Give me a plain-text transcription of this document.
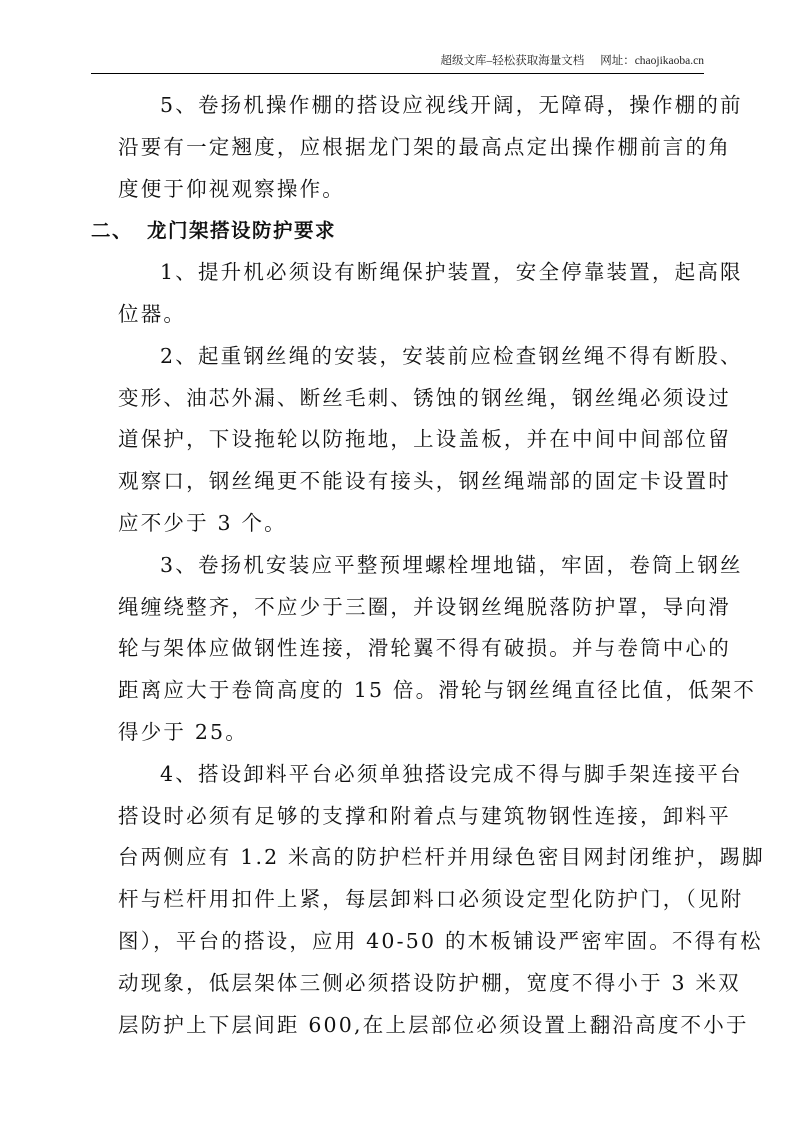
超级文库–轻松获取海量文档 网址：chaojikaoba.cn

5、卷扬机操作棚的搭设应视线开阔，无障碍，操作棚的前
沿要有一定翘度，应根据龙门架的最高点定出操作棚前言的角
度便于仰视观察操作。

二、 龙门架搭设防护要求

1、提升机必须设有断绳保护装置，安全停靠装置，起高限
位器。

2、起重钢丝绳的安装，安装前应检查钢丝绳不得有断股、
变形、油芯外漏、断丝毛刺、锈蚀的钢丝绳，钢丝绳必须设过
道保护，下设拖轮以防拖地，上设盖板，并在中间中间部位留
观察口，钢丝绳更不能设有接头，钢丝绳端部的固定卡设置时
应不少于 3 个。

3、卷扬机安装应平整预埋螺栓埋地锚，牢固，卷筒上钢丝
绳缠绕整齐，不应少于三圈，并设钢丝绳脱落防护罩，导向滑
轮与架体应做钢性连接，滑轮翼不得有破损。并与卷筒中心的
距离应大于卷筒高度的 15 倍。滑轮与钢丝绳直径比值，低架不
得少于 25。

4、搭设卸料平台必须单独搭设完成不得与脚手架连接平台
搭设时必须有足够的支撑和附着点与建筑物钢性连接，卸料平
台两侧应有 1.2 米高的防护栏杆并用绿色密目网封闭维护，踢脚
杆与栏杆用扣件上紧，每层卸料口必须设定型化防护门，（见附
图），平台的搭设，应用 40-50 的木板铺设严密牢固。不得有松
动现象，低层架体三侧必须搭设防护棚，宽度不得小于 3 米双
层防护上下层间距 600,在上层部位必须设置上翻沿高度不小于
